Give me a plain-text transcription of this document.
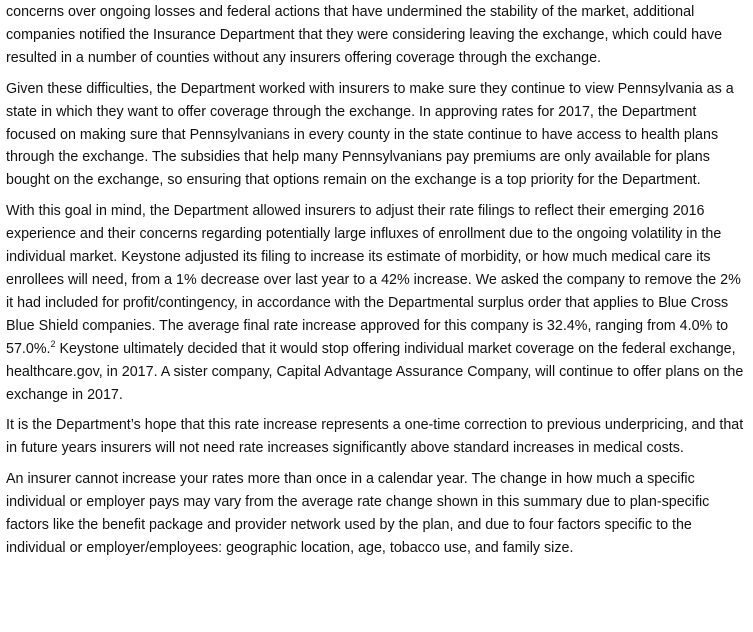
concerns over ongoing losses and federal actions that have undermined the stability of the market, additional companies notified the Insurance Department that they were considering leaving the exchange, which could have resulted in a number of counties without any insurers offering coverage through the exchange.

Given these difficulties, the Department worked with insurers to make sure they continue to view Pennsylvania as a state in which they want to offer coverage through the exchange. In approving rates for 2017, the Department focused on making sure that Pennsylvanians in every county in the state continue to have access to health plans through the exchange. The subsidies that help many Pennsylvanians pay premiums are only available for plans bought on the exchange, so ensuring that options remain on the exchange is a top priority for the Department.

With this goal in mind, the Department allowed insurers to adjust their rate filings to reflect their emerging 2016 experience and their concerns regarding potentially large influxes of enrollment due to the ongoing volatility in the individual market. Keystone adjusted its filing to increase its estimate of morbidity, or how much medical care its enrollees will need, from a 1% decrease over last year to a 42% increase. We asked the company to remove the 2% it had included for profit/contingency, in accordance with the Departmental surplus order that applies to Blue Cross Blue Shield companies. The average final rate increase approved for this company is 32.4%, ranging from 4.0% to 57.0%.$^2$ Keystone ultimately decided that it would stop offering individual market coverage on the federal exchange, healthcare.gov, in 2017. A sister company, Capital Advantage Assurance Company, will continue to offer plans on the exchange in 2017.

It is the Department’s hope that this rate increase represents a one-time correction to previous underpricing, and that in future years insurers will not need rate increases significantly above standard increases in medical costs.

An insurer cannot increase your rates more than once in a calendar year. The change in how much a specific individual or employer pays may vary from the average rate change shown in this summary due to plan-specific factors like the benefit package and provider network used by the plan, and due to four factors specific to the individual or employer/employees: geographic location, age, tobacco use, and family size.
